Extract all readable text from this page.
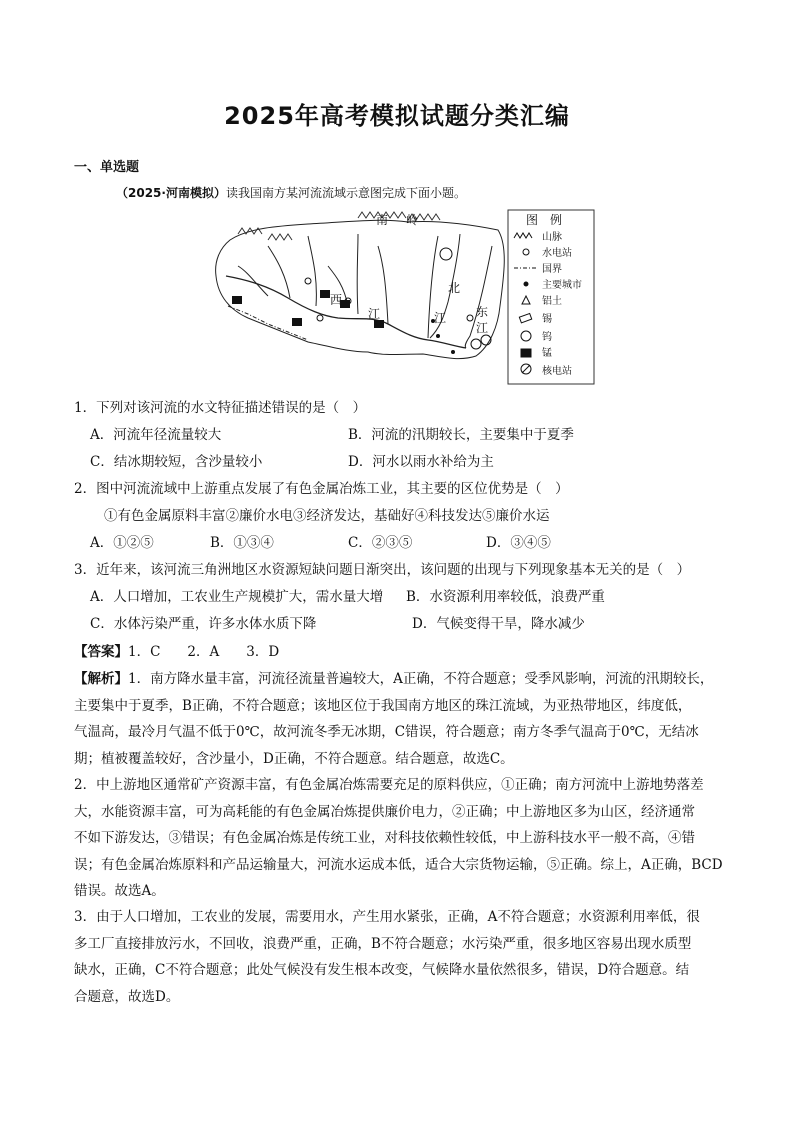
2025年高考模拟试题分类汇编
一、单选题
（2025·河南模拟）读我国南方某河流流域示意图完成下面小题。
南 岭
西
江
北
江 东
江
图　例
山脉
水电站
国界
主要城市
铝土
锡
钨
锰
核电站
1．下列对该河流的水文特征描述错误的是（　）
A．河流年径流量较大	B．河流的汛期较长，主要集中于夏季
C．结冰期较短，含沙量较小	D．河水以雨水补给为主
2．图中河流流域中上游重点发展了有色金属冶炼工业，其主要的区位优势是（　）
①有色金属原料丰富②廉价水电③经济发达，基础好④科技发达⑤廉价水运
A．①②⑤	B．①③④	C．②③⑤	D．③④⑤
3．近年来，该河流三角洲地区水资源短缺问题日渐突出，该问题的出现与下列现象基本无关的是（　）
A．人口增加，工农业生产规模扩大，需水量大增 B．水资源利用率较低，浪费严重
C．水体污染严重，许多水体水质下降	D．气候变得干旱，降水减少
【答案】1．C　　2．A　　3．D
【解析】1．南方降水量丰富，河流径流量普遍较大，A正确，不符合题意；受季风影响，河流的汛期较长，
主要集中于夏季，B正确，不符合题意；该地区位于我国南方地区的珠江流域，为亚热带地区，纬度低，
气温高，最冷月气温不低于0℃，故河流冬季无冰期，C错误，符合题意；南方冬季气温高于0℃，无结冰
期；植被覆盖较好，含沙量小，D正确，不符合题意。结合题意，故选C。
2．中上游地区通常矿产资源丰富，有色金属冶炼需要充足的原料供应，①正确；南方河流中上游地势落差
大，水能资源丰富，可为高耗能的有色金属冶炼提供廉价电力，②正确；中上游地区多为山区，经济通常
不如下游发达，③错误；有色金属冶炼是传统工业，对科技依赖性较低，中上游科技水平一般不高，④错
误；有色金属冶炼原料和产品运输量大，河流水运成本低，适合大宗货物运输，⑤正确。综上，A正确，BCD
错误。故选A。
3．由于人口增加，工农业的发展，需要用水，产生用水紧张，正确，A不符合题意；水资源利用率低，很
多工厂直接排放污水，不回收，浪费严重，正确，B不符合题意；水污染严重，很多地区容易出现水质型
缺水，正确，C不符合题意；此处气候没有发生根本改变，气候降水量依然很多，错误，D符合题意。结
合题意，故选D。
